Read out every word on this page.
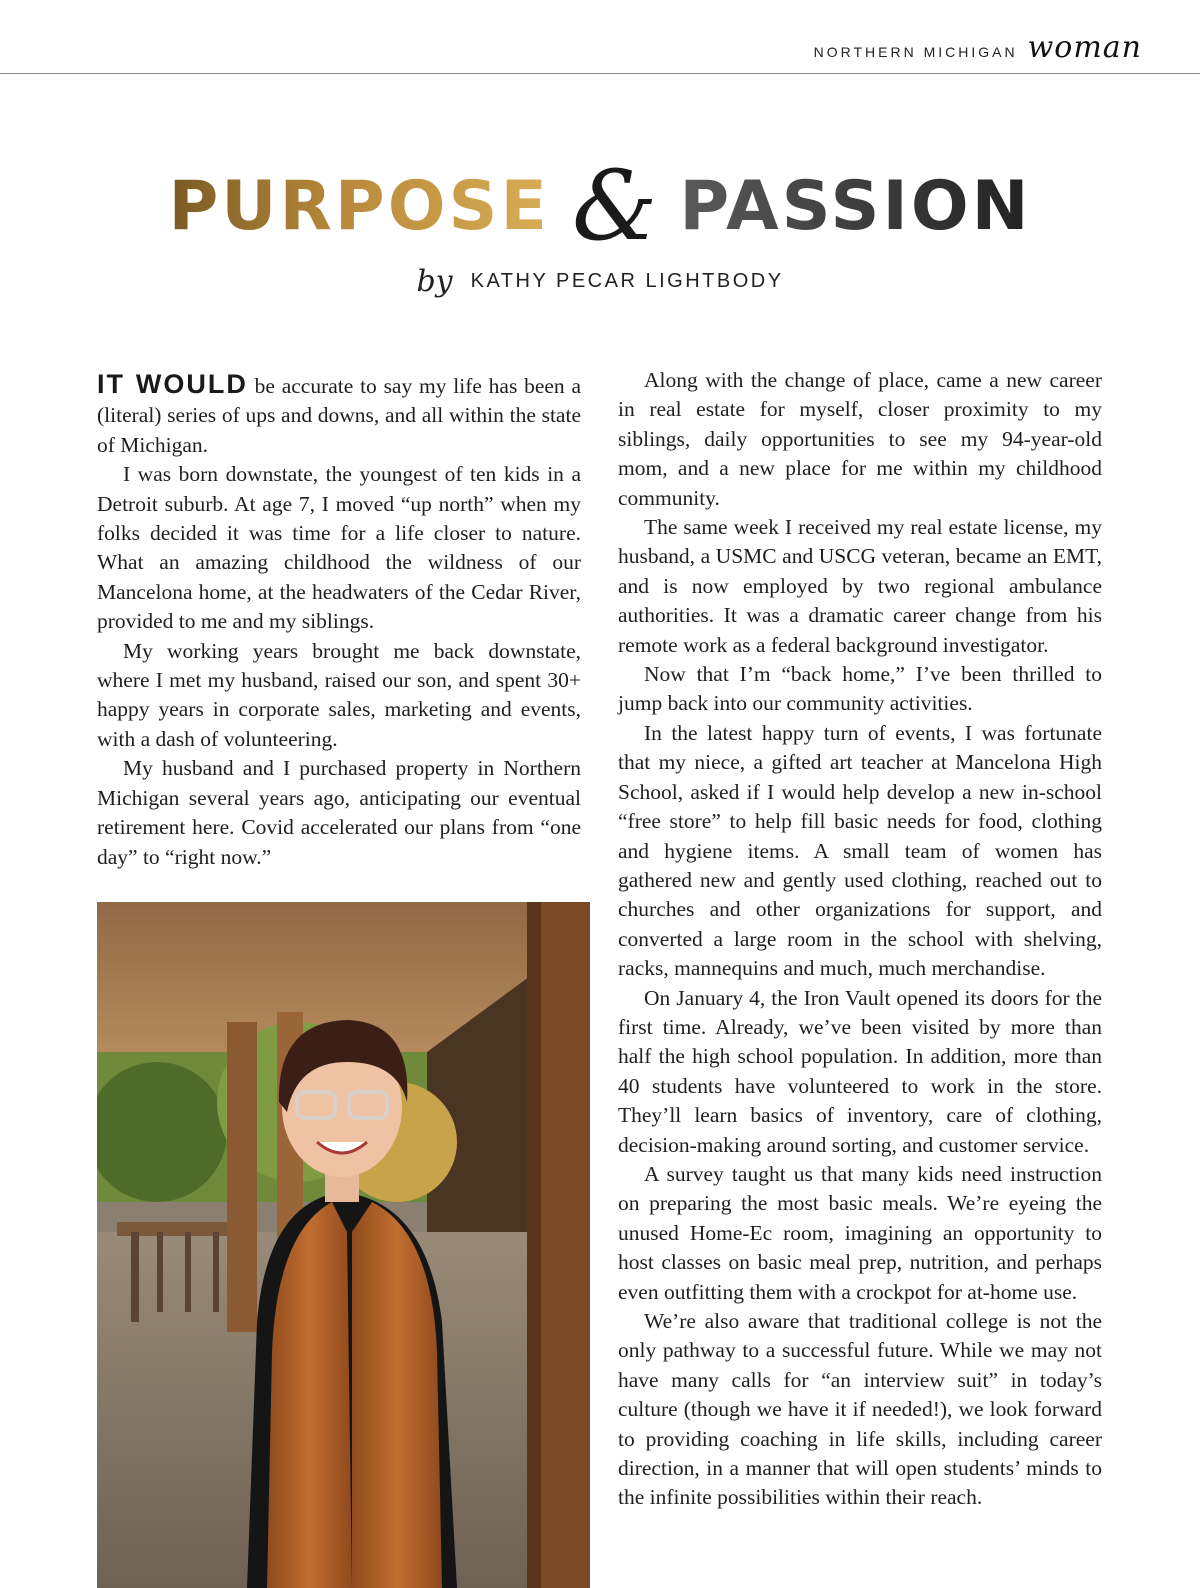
NORTHERN MICHIGAN woman
PURPOSE & PASSION
by KATHY PECAR LIGHTBODY

IT WOULD be accurate to say my life has been a (literal) series of ups and downs, and all within the state of Michigan.

I was born downstate, the youngest of ten kids in a Detroit suburb. At age 7, I moved “up north” when my folks decided it was time for a life closer to nature. What an amazing childhood the wildness of our Mancelona home, at the headwaters of the Cedar River, provided to me and my siblings.

My working years brought me back downstate, where I met my husband, raised our son, and spent 30+ happy years in corporate sales, marketing and events, with a dash of volunteering.

My husband and I purchased property in Northern Michigan several years ago, anticipating our eventual retirement here. Covid accelerated our plans from “one day” to “right now.”

Along with the change of place, came a new career in real estate for myself, closer proximity to my siblings, daily opportunities to see my 94-year-old mom, and a new place for me within my childhood community.

The same week I received my real estate license, my husband, a USMC and USCG veteran, became an EMT, and is now employed by two regional ambulance authorities. It was a dramatic career change from his remote work as a federal background investigator.

Now that I’m “back home,” I’ve been thrilled to jump back into our community activities.

In the latest happy turn of events, I was fortunate that my niece, a gifted art teacher at Mancelona High School, asked if I would help develop a new in-school “free store” to help fill basic needs for food, clothing and hygiene items. A small team of women has gathered new and gently used clothing, reached out to churches and other organizations for support, and converted a large room in the school with shelving, racks, mannequins and much, much merchandise.

On January 4, the Iron Vault opened its doors for the first time. Already, we’ve been visited by more than half the high school population. In addition, more than 40 students have volunteered to work in the store. They’ll learn basics of inventory, care of clothing, decision-making around sorting, and customer service.

A survey taught us that many kids need instruction on preparing the most basic meals. We’re eyeing the unused Home-Ec room, imagining an opportunity to host classes on basic meal prep, nutrition, and perhaps even outfitting them with a crockpot for at-home use.

We’re also aware that traditional college is not the only pathway to a successful future. While we may not have many calls for “an interview suit” in today’s culture (though we have it if needed!), we look forward to providing coaching in life skills, including career direction, in a manner that will open students’ minds to the infinite possibilities within their reach.
